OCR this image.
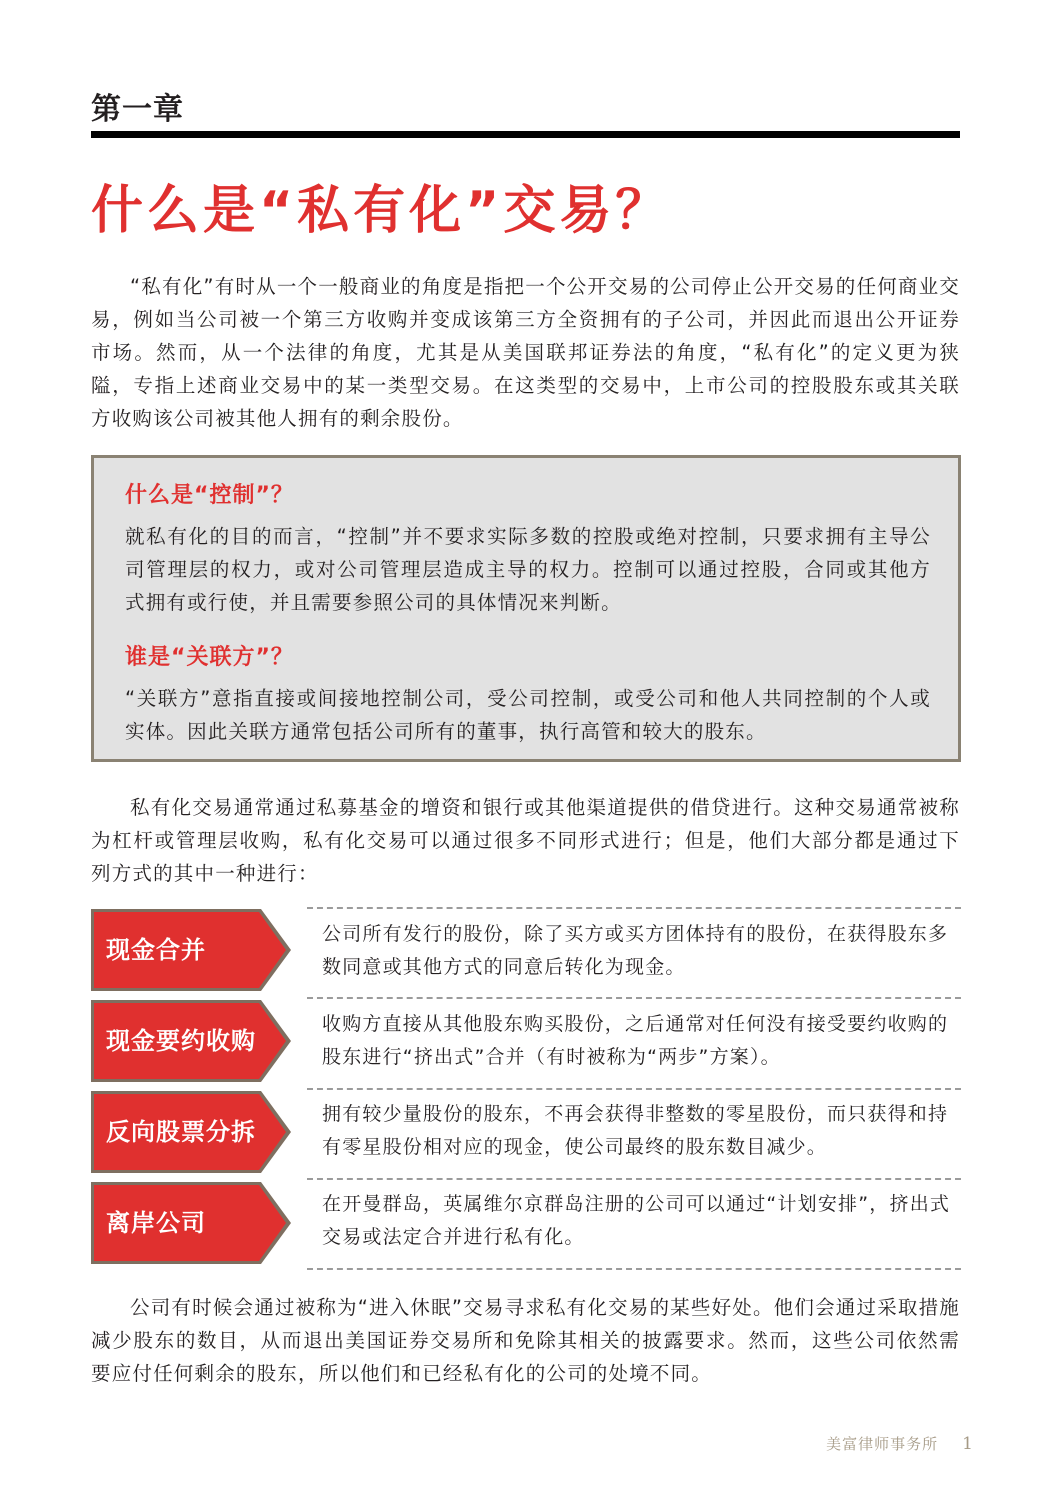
第一章
什么是“私有化”交易？

“私有化”有时从一个一般商业的角度是指把一个公开交易的公司停止公开交易的任何商业交易，例如当公司被一个第三方收购并变成该第三方全资拥有的子公司，并因此而退出公开证券市场。然而，从一个法律的角度，尤其是从美国联邦证券法的角度，“私有化”的定义更为狭隘，专指上述商业交易中的某一类型交易。在这类型的交易中，上市公司的控股股东或其关联方收购该公司被其他人拥有的剩余股份。

什么是“控制”？

就私有化的目的而言，“控制”并不要求实际多数的控股或绝对控制，只要求拥有主导公司管理层的权力，或对公司管理层造成主导的权力。控制可以通过控股，合同或其他方式拥有或行使，并且需要参照公司的具体情况来判断。

谁是“关联方”？

“关联方”意指直接或间接地控制公司，受公司控制，或受公司和他人共同控制的个人或实体。因此关联方通常包括公司所有的董事，执行高管和较大的股东。

私有化交易通常通过私募基金的增资和银行或其他渠道提供的借贷进行。这种交易通常被称为杠杆或管理层收购，私有化交易可以通过很多不同形式进行；但是，他们大部分都是通过下列方式的其中一种进行：

现金合并

公司所有发行的股份，除了买方或买方团体持有的股份，在获得股东多数同意或其他方式的同意后转化为现金。

现金要约收购

收购方直接从其他股东购买股份，之后通常对任何没有接受要约收购的股东进行“挤出式”合并（有时被称为“两步”方案）。

反向股票分拆

拥有较少量股份的股东，不再会获得非整数的零星股份，而只获得和持有零星股份相对应的现金，使公司最终的股东数目减少。

离岸公司

在开曼群岛，英属维尔京群岛注册的公司可以通过“计划安排”，挤出式交易或法定合并进行私有化。

公司有时候会通过被称为“进入休眠”交易寻求私有化交易的某些好处。他们会通过采取措施减少股东的数目，从而退出美国证券交易所和免除其相关的披露要求。然而，这些公司依然需要应付任何剩余的股东，所以他们和已经私有化的公司的处境不同。

美富律师事务所 1
